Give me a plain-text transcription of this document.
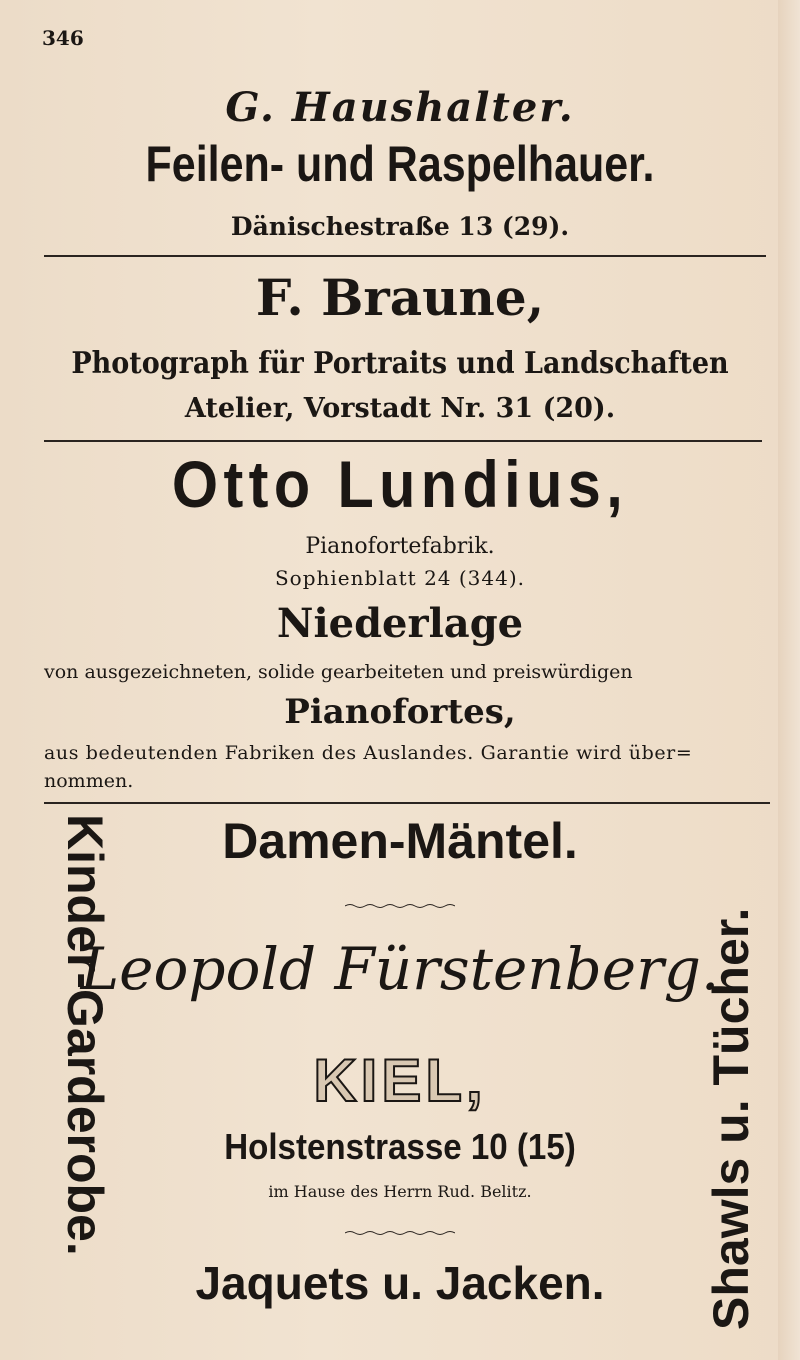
346
G. Haushalter.
Feilen- und Raspelhauer.
Dänischestraße 13 (29).
F. Braune,
Photograph für Portraits und Landschaften
Atelier, Vorstadt Nr. 31 (20).
Otto Lundius,
Pianofortefabrik.
Sophienblatt 24 (344).
Niederlage
von ausgezeichneten, solide gearbeiteten und preiswürdigen
Pianofortes,
aus bedeutenden Fabriken des Auslandes. Garantie wird über=
nommen.
Kinder-Garderobe.	Shawls u. Tücher.
Damen-Mäntel.
Leopold Fürstenberg.
KIEL,
Holstenstrasse 10 (15)
im Hause des Herrn Rud. Belitz.
Jaquets u. Jacken.
